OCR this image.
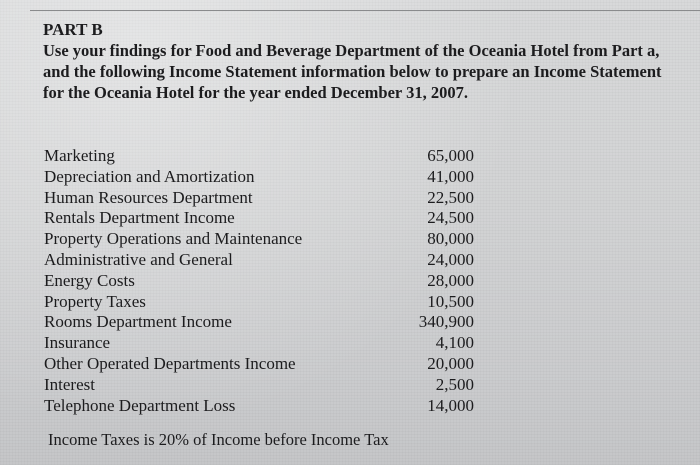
PART B
Use your findings for Food and Beverage Department of the Oceania Hotel from Part a,
and the following Income Statement information below to prepare an Income Statement
for the Oceania Hotel for the year ended December 31, 2007.
Marketing	65,000
Depreciation and Amortization	41,000
Human Resources Department	22,500
Rentals Department Income	24,500
Property Operations and Maintenance	80,000
Administrative and General	24,000
Energy Costs	28,000
Property Taxes	10,500
Rooms Department Income	340,900
Insurance	4,100
Other Operated Departments Income	20,000
Interest	2,500
Telephone Department Loss	14,000
Income Taxes is 20% of Income before Income Tax
